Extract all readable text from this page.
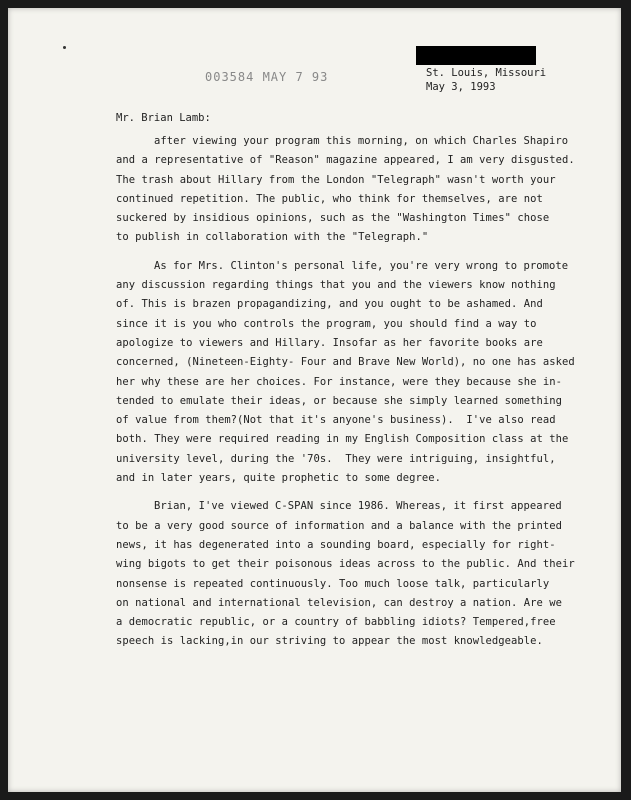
003584 MAY 7 93	St. Louis, Missouri
May 3, 1993
Mr. Brian Lamb:
after viewing your program this morning, on which Charles Shapiro
and a representative of "Reason" magazine appeared, I am very disgusted.
The trash about Hillary from the London "Telegraph" wasn't worth your
continued repetition. The public, who think for themselves, are not
suckered by insidious opinions, such as the "Washington Times" chose
to publish in collaboration with the "Telegraph."
As for Mrs. Clinton's personal life, you're very wrong to promote
any discussion regarding things that you and the viewers know nothing
of. This is brazen propagandizing, and you ought to be ashamed. And
since it is you who controls the program, you should find a way to
apologize to viewers and Hillary. Insofar as her favorite books are
concerned, (Nineteen-Eighty- Four and Brave New World), no one has asked
her why these are her choices. For instance, were they because she in-
tended to emulate their ideas, or because she simply learned something
of value from them?(Not that it's anyone's business).  I've also read
both. They were required reading in my English Composition class at the
university level, during the '70s.  They were intriguing, insightful,
and in later years, quite prophetic to some degree.
Brian, I've viewed C-SPAN since 1986. Whereas, it first appeared
to be a very good source of information and a balance with the printed
news, it has degenerated into a sounding board, especially for right-
wing bigots to get their poisonous ideas across to the public. And their
nonsense is repeated continuously. Too much loose talk, particularly
on national and international television, can destroy a nation. Are we
a democratic republic, or a country of babbling idiots? Tempered,free
speech is lacking,in our striving to appear the most knowledgeable.
